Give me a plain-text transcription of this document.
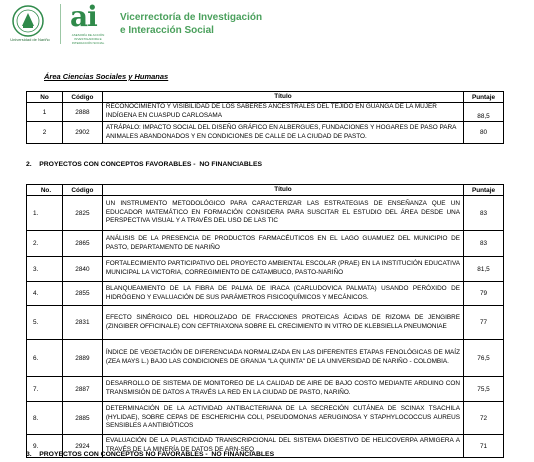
Universidad de Nariño
ai
ASESORÍA DE ACCIÓN INVESTIGADORA E INTERACCIÓN SOCIAL
Vicerrectoría de Investigación
e Interacción Social
Área Ciencias Sociales y Humanas
No	Código	Título	Puntaje
1	2888	RECONOCIMIENTO Y VISIBILIDAD DE LOS SABERES ANCESTRALES DEL TEJIDO EN GUANGA DE LA MUJER INDÍGENA EN CUASPUD CARLOSAMA	88,5
2	2902	ATRÁPALO: IMPACTO SOCIAL DEL DISEÑO GRÁFICO EN ALBERGUES, FUNDACIONES Y HOGARES DE PASO PARA ANIMALES ABANDONADOS Y EN CONDICIONES DE CALLE DE LA CIUDAD DE PASTO.	80
2.    PROYECTOS CON CONCEPTOS FAVORABLES -  NO FINANCIABLES
No.	Código	Título	Puntaje
1.	2825	UN INSTRUMENTO METODOLÓGICO PARA CARACTERIZAR LAS ESTRATEGIAS DE ENSEÑANZA QUE UN EDUCADOR MATEMÁTICO EN FORMACIÓN CONSIDERA PARA SUSCITAR EL ESTUDIO DEL ÁREA DESDE UNA PERSPECTIVA VISUAL Y A TRAVÉS DEL USO DE LAS TIC	83
2.	2865	ANÁLISIS DE LA PRESENCIA DE PRODUCTOS FARMACÉUTICOS EN EL LAGO GUAMUEZ DEL MUNICIPIO DE PASTO, DEPARTAMENTO DE NARIÑO	83
3.	2840	FORTALECIMIENTO PARTICIPATIVO DEL PROYECTO AMBIENTAL ESCOLAR (PRAE) EN LA INSTITUCIÓN EDUCATIVA MUNICIPAL LA VICTORIA, CORREGIMIENTO DE CATAMBUCO, PASTO-NARIÑO	81,5
4.	2855	BLANQUEAMIENTO DE LA FIBRA DE PALMA DE IRACA (CARLUDOVICA PALMATA) USANDO PERÓXIDO DE HIDRÓGENO Y EVALUACIÓN DE SUS PARÁMETROS FISICOQUÍMICOS Y MECÁNICOS.	79
5.	2831	EFECTO SINÉRGICO DEL HIDROLIZADO DE FRACCIONES PROTEICAS ÁCIDAS DE RIZOMA DE JENGIBRE (ZINGIBER OFFICINALE) CON CEFTRIAXONA SOBRE EL CRECIMIENTO IN VITRO DE KLEBSIELLA PNEUMONIAE	77
6.	2889	ÍNDICE DE VEGETACIÓN DE DIFERENCIADA NORMALIZADA EN LAS DIFERENTES ETAPAS FENOLÓGICAS DE MAÍZ (ZEA MAYS L.) BAJO LAS CONDICIONES DE GRANJA "LA QUINTA" DE LA UNIVERSIDAD DE NARIÑO - COLOMBIA.	76,5
7.	2887	DESARROLLO DE SISTEMA DE MONITOREO DE LA CALIDAD DE AIRE DE BAJO COSTO MEDIANTE ARDUINO CON TRANSMISIÓN DE DATOS A TRAVÉS LA RED EN LA CIUDAD DE PASTO, NARIÑO.	75,5
8.	2885	DETERMINACIÓN DE LA ACTIVIDAD ANTIBACTERIANA DE LA SECRECIÓN CUTÁNEA DE SCINAX TSACHILA (HYLIDAE), SOBRE CEPAS DE ESCHERICHIA COLI, PSEUDOMONAS AERUGINOSA Y STAPHYLOCOCCUS AUREUS SENSIBLES A ANTIBIÓTICOS	72
9.	2924	EVALUACIÓN DE LA PLASTICIDAD TRANSCRIPCIONAL DEL SISTEMA DIGESTIVO DE HELICOVERPA ARMIGERA A TRAVÉS DE LA MINERÍA DE DATOS DE ARN-SEQ	71
3.    PROYECTOS CON CONCEPTOS NO FAVORABLES -  NO FINANCIABLES
